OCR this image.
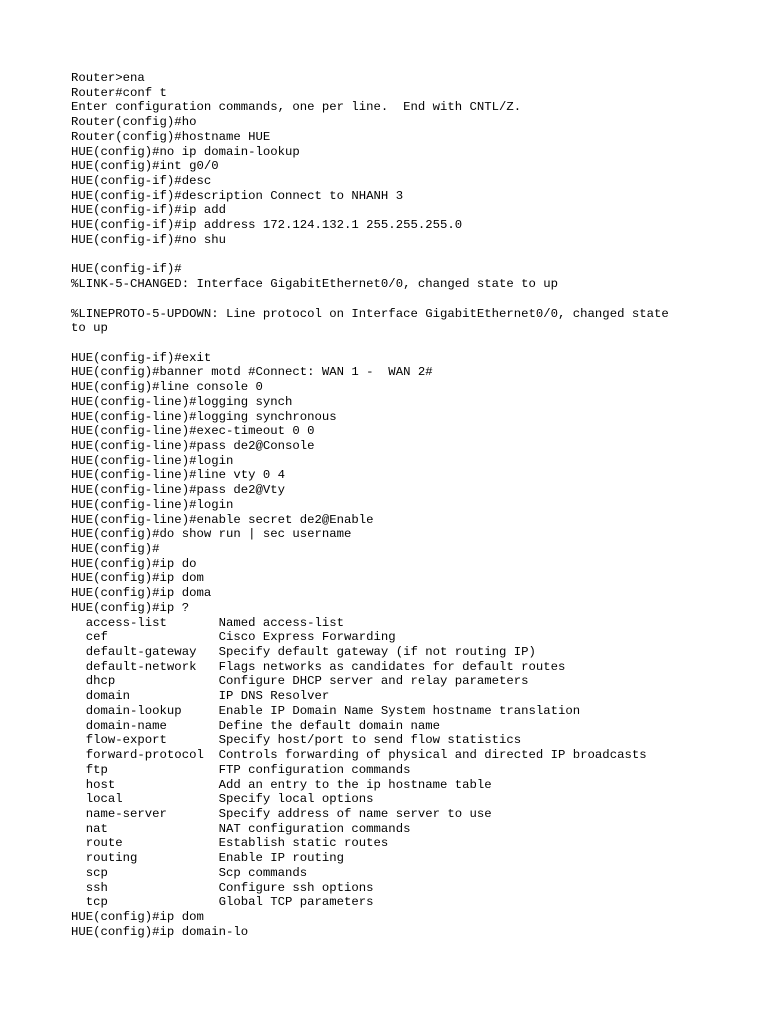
Router>ena
Router#conf t
Enter configuration commands, one per line.  End with CNTL/Z.
Router(config)#ho
Router(config)#hostname HUE
HUE(config)#no ip domain-lookup
HUE(config)#int g0/0
HUE(config-if)#desc
HUE(config-if)#description Connect to NHANH 3
HUE(config-if)#ip add
HUE(config-if)#ip address 172.124.132.1 255.255.255.0
HUE(config-if)#no shu
HUE(config-if)#
%LINK-5-CHANGED: Interface GigabitEthernet0/0, changed state to up
%LINEPROTO-5-UPDOWN: Line protocol on Interface GigabitEthernet0/0, changed state
to up
HUE(config-if)#exit
HUE(config)#banner motd #Connect: WAN 1 -  WAN 2#
HUE(config)#line console 0
HUE(config-line)#logging synch
HUE(config-line)#logging synchronous
HUE(config-line)#exec-timeout 0 0
HUE(config-line)#pass de2@Console
HUE(config-line)#login
HUE(config-line)#line vty 0 4
HUE(config-line)#pass de2@Vty
HUE(config-line)#login
HUE(config-line)#enable secret de2@Enable
HUE(config)#do show run | sec username
HUE(config)#
HUE(config)#ip do
HUE(config)#ip dom
HUE(config)#ip doma
HUE(config)#ip ?
access-list       Named access-list
cef               Cisco Express Forwarding
default-gateway   Specify default gateway (if not routing IP)
default-network   Flags networks as candidates for default routes
dhcp              Configure DHCP server and relay parameters
domain            IP DNS Resolver
domain-lookup     Enable IP Domain Name System hostname translation
domain-name       Define the default domain name
flow-export       Specify host/port to send flow statistics
forward-protocol  Controls forwarding of physical and directed IP broadcasts
ftp               FTP configuration commands
host              Add an entry to the ip hostname table
local             Specify local options
name-server       Specify address of name server to use
nat               NAT configuration commands
route             Establish static routes
routing           Enable IP routing
scp               Scp commands
ssh               Configure ssh options
tcp               Global TCP parameters
HUE(config)#ip dom
HUE(config)#ip domain-lo
